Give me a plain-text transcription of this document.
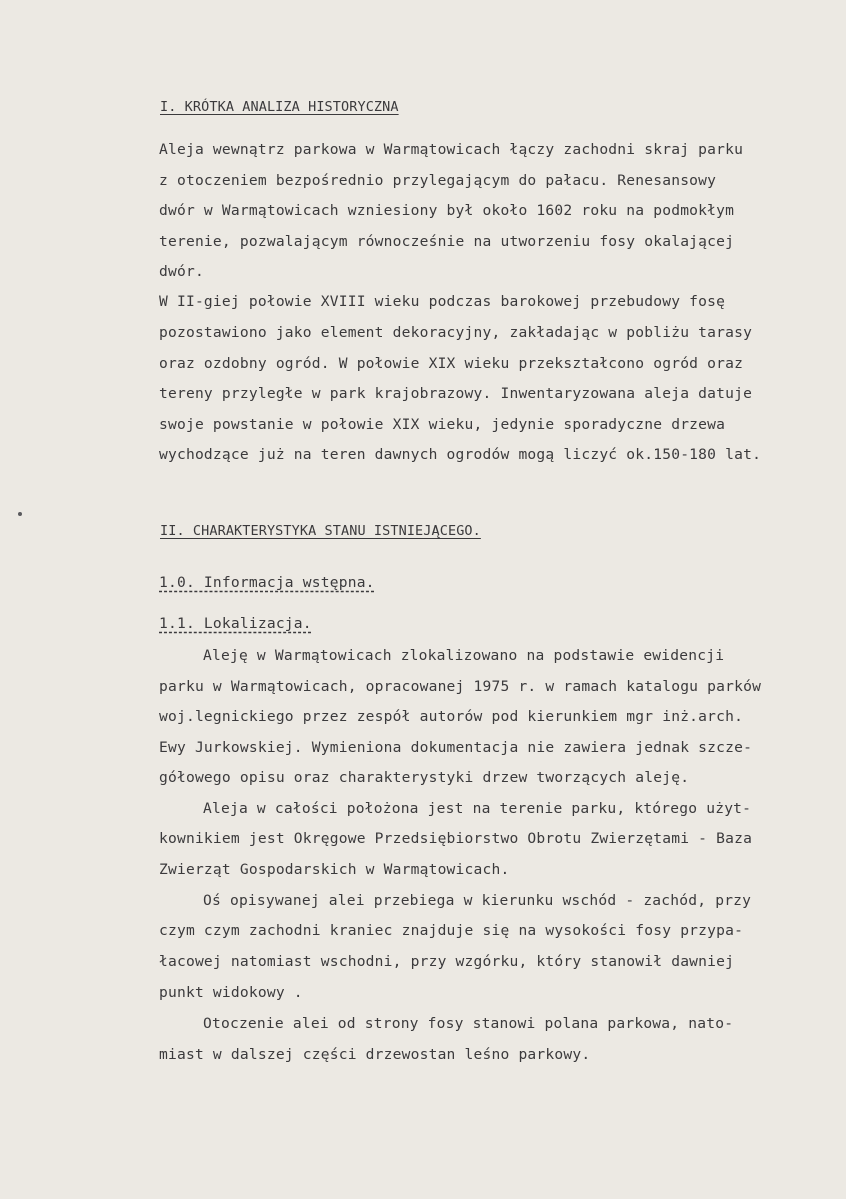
I. KRÓTKA ANALIZA HISTORYCZNA
Aleja wewnątrz parkowa w Warmątowicach łączy zachodni skraj parku
z otoczeniem bezpośrednio przylegającym do pałacu. Renesansowy
dwór w Warmątowicach wzniesiony był około 1602 roku na podmokłym
terenie, pozwalającym równocześnie na utworzeniu fosy okalającej
dwór.
W II-giej połowie XVIII wieku podczas barokowej przebudowy fosę
pozostawiono jako element dekoracyjny, zakładając w pobliżu tarasy
oraz ozdobny ogród. W połowie XIX wieku przekształcono ogród oraz
tereny przyległe w park krajobrazowy. Inwentaryzowana aleja datuje
swoje powstanie w połowie XIX wieku, jedynie sporadyczne drzewa
wychodzące już na teren dawnych ogrodów mogą liczyć ok.150-180 lat.
II. CHARAKTERYSTYKA STANU ISTNIEJĄCEGO.
1.0. Informacja wstępna.
1.1. Lokalizacja.
Aleję w Warmątowicach zlokalizowano na podstawie ewidencji
parku w Warmątowicach, opracowanej 1975 r. w ramach katalogu parków
woj.legnickiego przez zespół autorów pod kierunkiem mgr inż.arch.
Ewy Jurkowskiej. Wymieniona dokumentacja nie zawiera jednak szcze-
gółowego opisu oraz charakterystyki drzew tworzących aleję.
Aleja w całości położona jest na terenie parku, którego użyt-
kownikiem jest Okręgowe Przedsiębiorstwo Obrotu Zwierzętami - Baza
Zwierząt Gospodarskich w Warmątowicach.
Oś opisywanej alei przebiega w kierunku wschód - zachód, przy
czym czym zachodni kraniec znajduje się na wysokości fosy przypa-
łacowej natomiast wschodni, przy wzgórku, który stanowił dawniej
punkt widokowy .
Otoczenie alei od strony fosy stanowi polana parkowa, nato-
miast w dalszej części drzewostan leśno parkowy.
